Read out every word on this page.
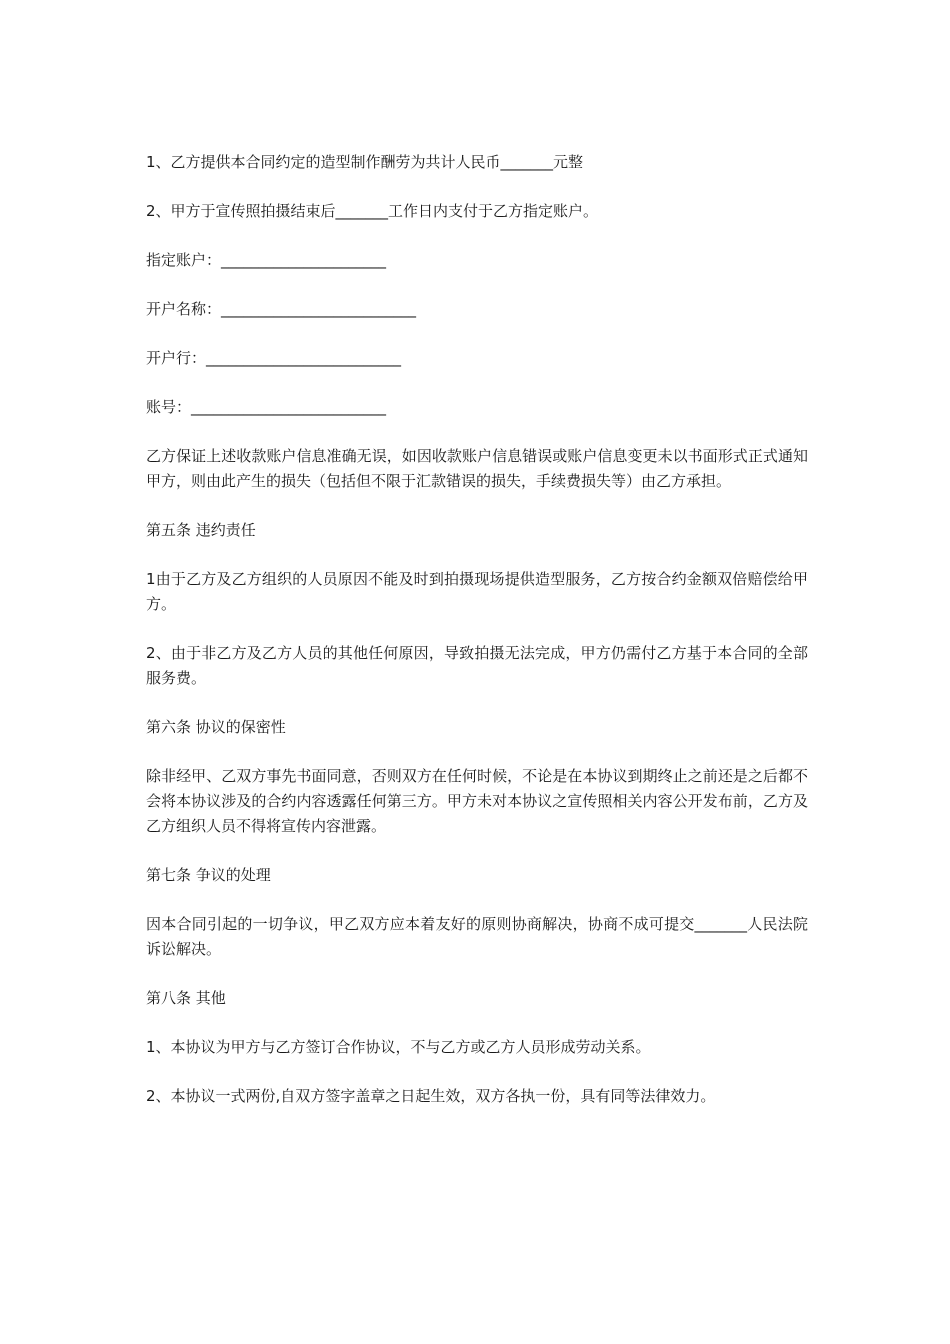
1、乙方提供本合同约定的造型制作酬劳为共计人民币_______元整

2、甲方于宣传照拍摄结束后_______工作日内支付于乙方指定账户。

指定账户：______________________

开户名称：__________________________

开户行：__________________________

账号：__________________________

乙方保证上述收款账户信息准确无误，如因收款账户信息错误或账户信息变更未以书面形式正式通知甲方，则由此产生的损失（包括但不限于汇款错误的损失，手续费损失等）由乙方承担。

第五条 违约责任

1由于乙方及乙方组织的人员原因不能及时到拍摄现场提供造型服务，乙方按合约金额双倍赔偿给甲方。

2、由于非乙方及乙方人员的其他任何原因，导致拍摄无法完成，甲方仍需付乙方基于本合同的全部服务费。

第六条 协议的保密性

除非经甲、乙双方事先书面同意，否则双方在任何时候，不论是在本协议到期终止之前还是之后都不会将本协议涉及的合约内容透露任何第三方。甲方未对本协议之宣传照相关内容公开发布前，乙方及乙方组织人员不得将宣传内容泄露。

第七条 争议的处理

因本合同引起的一切争议，甲乙双方应本着友好的原则协商解决，协商不成可提交_______人民法院诉讼解决。

第八条 其他

1、本协议为甲方与乙方签订合作协议，不与乙方或乙方人员形成劳动关系。

2、本协议一式两份,自双方签字盖章之日起生效，双方各执一份，具有同等法律效力。
